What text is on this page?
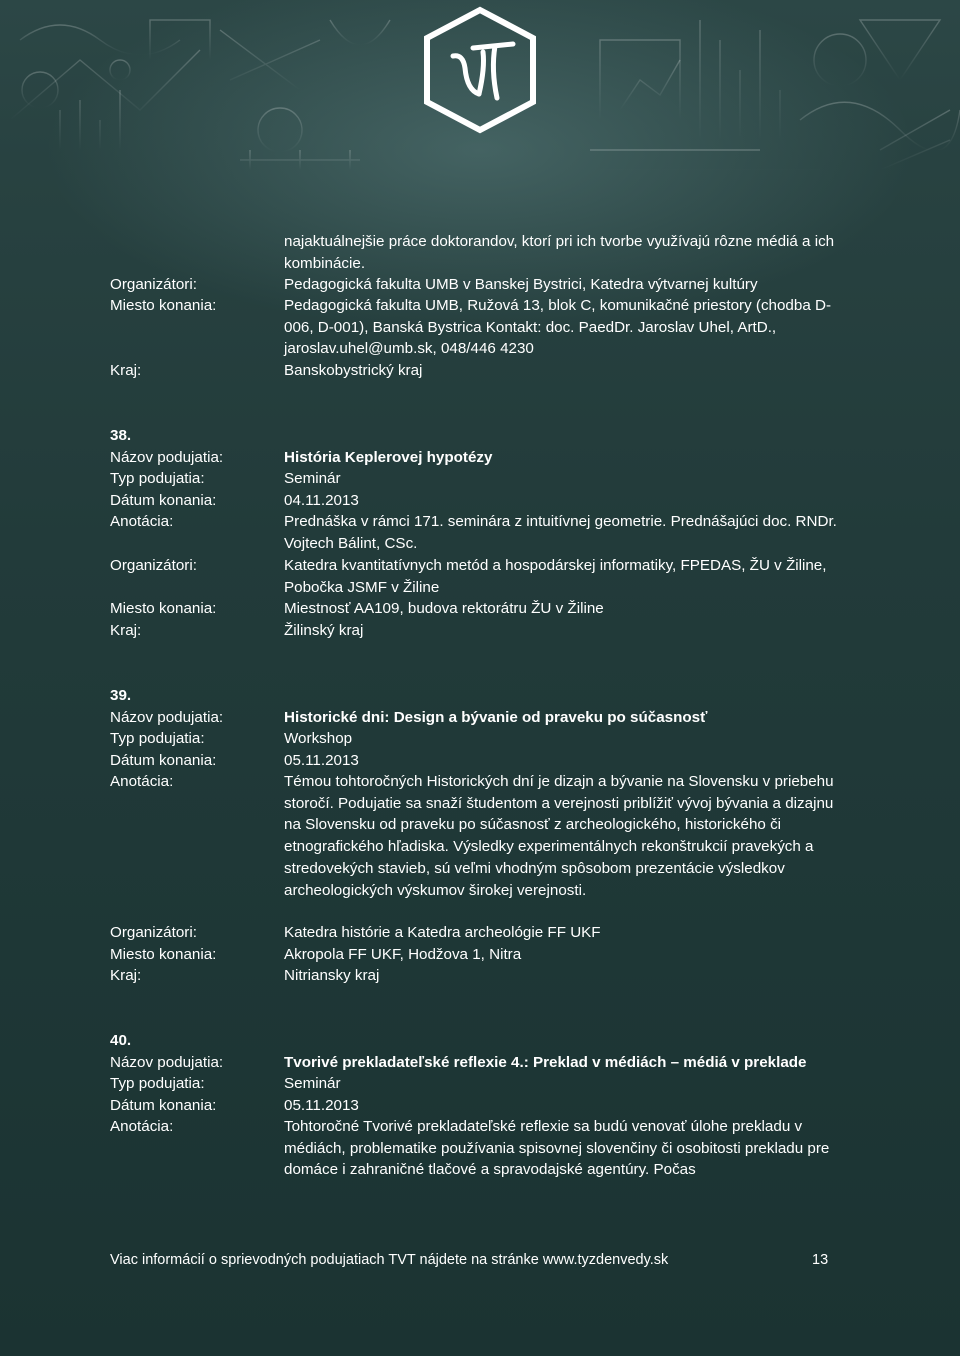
najaktuálnejšie práce doktorandov, ktorí pri ich tvorbe využívajú rôzne médiá a ich kombinácie.
Organizátori:	Pedagogická fakulta UMB v Banskej Bystrici, Katedra výtvarnej kultúry
Miesto konania:	Pedagogická fakulta UMB, Ružová 13, blok C, komunikačné priestory (chodba D-006, D-001), Banská Bystrica Kontakt: doc. PaedDr. Jaroslav Uhel, ArtD., jaroslav.uhel@umb.sk, 048/446 4230
Kraj:	Banskobystrický kraj
38.
Názov podujatia:	História Keplerovej hypotézy
Typ podujatia:	Seminár
Dátum konania:	04.11.2013
Anotácia:	Prednáška v rámci 171. seminára z intuitívnej geometrie. Prednášajúci doc. RNDr. Vojtech Bálint, CSc.
Organizátori:	Katedra kvantitatívnych metód a hospodárskej informatiky, FPEDAS, ŽU v Žiline, Pobočka JSMF v Žiline
Miesto konania:	Miestnosť AA109, budova rektorátru ŽU v Žiline
Kraj:	Žilinský kraj
39.
Názov podujatia:	Historické dni: Design a bývanie od praveku po súčasnosť
Typ podujatia:	Workshop
Dátum konania:	05.11.2013
Anotácia:	Témou tohtoročných Historických dní je dizajn a bývanie na Slovensku v priebehu storočí. Podujatie sa snaží študentom a verejnosti priblížiť vývoj bývania a dizajnu na Slovensku od praveku po súčasnosť z archeologického, historického či etnografického hľadiska. Výsledky experimentálnych rekonštrukcií pravekých a stredovekých stavieb, sú veľmi vhodným spôsobom prezentácie výsledkov archeologických výskumov širokej verejnosti.
Organizátori:	Katedra histórie a Katedra archeológie FF UKF
Miesto konania:	Akropola FF UKF, Hodžova 1, Nitra
Kraj:	Nitriansky kraj
40.
Názov podujatia:	Tvorivé prekladateľské reflexie 4.: Preklad v médiách – médiá v preklade
Typ podujatia:	Seminár
Dátum konania:	05.11.2013
Anotácia:	Tohtoročné Tvorivé prekladateľské reflexie sa budú venovať úlohe prekladu v médiách, problematike používania spisovnej slovenčiny či osobitosti prekladu pre domáce i zahraničné tlačové a spravodajské agentúry. Počas
Viac informácií o sprievodných podujatiach TVT nájdete na stránke www.tyzdenvedy.sk	13
